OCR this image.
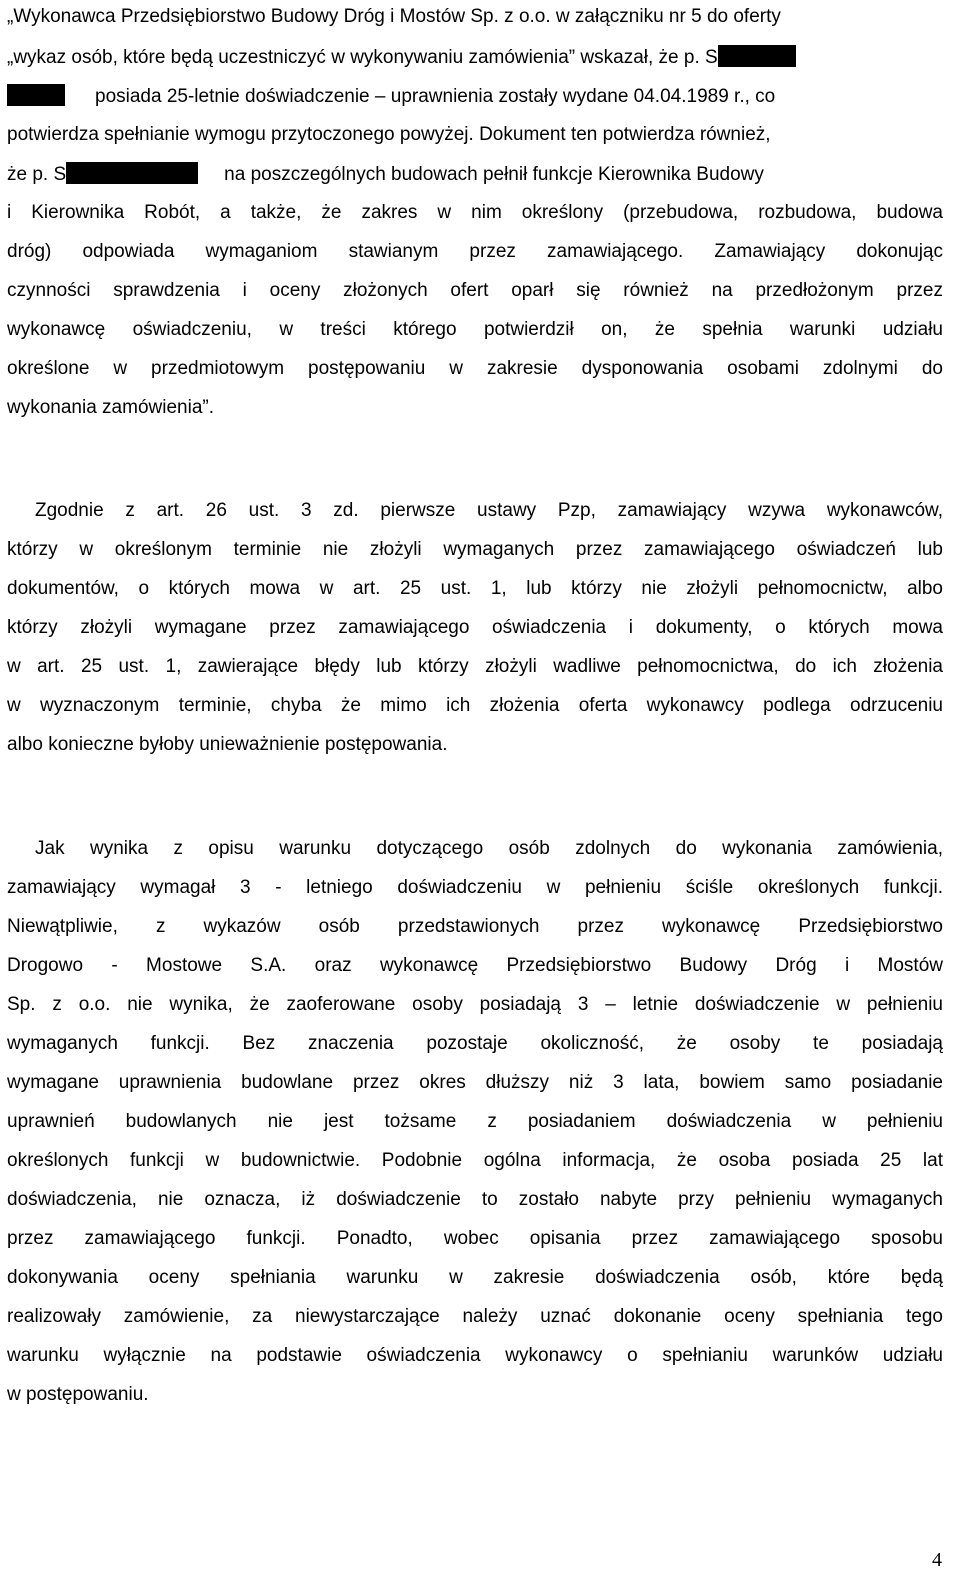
„Wykonawca Przedsiębiorstwo Budowy Dróg i Mostów Sp. z o.o. w załączniku nr 5 do oferty
„wykaz osób, które będą uczestniczyć w wykonywaniu zamówienia” wskazał, że p. S
posiada 25-letnie doświadczenie – uprawnienia zostały wydane 04.04.1989 r., co
potwierdza spełnianie wymogu przytoczonego powyżej. Dokument ten potwierdza również,
że p. S	na poszczególnych budowach pełnił funkcje Kierownika Budowy
i Kierownika Robót, a także, że zakres w nim określony (przebudowa, rozbudowa, budowa
dróg) odpowiada wymaganiom stawianym przez zamawiającego. Zamawiający dokonując
czynności sprawdzenia i oceny złożonych ofert oparł się również na przedłożonym przez
wykonawcę oświadczeniu, w treści którego potwierdził on, że spełnia warunki udziału
określone w przedmiotowym postępowaniu w zakresie dysponowania osobami zdolnymi do
wykonania zamówienia”.
Zgodnie z art. 26 ust. 3 zd. pierwsze ustawy Pzp, zamawiający wzywa wykonawców,
którzy w określonym terminie nie złożyli wymaganych przez zamawiającego oświadczeń lub
dokumentów, o których mowa w art. 25 ust. 1, lub którzy nie złożyli pełnomocnictw, albo
którzy złożyli wymagane przez zamawiającego oświadczenia i dokumenty, o których mowa
w art. 25 ust. 1, zawierające błędy lub którzy złożyli wadliwe pełnomocnictwa, do ich złożenia
w wyznaczonym terminie, chyba że mimo ich złożenia oferta wykonawcy podlega odrzuceniu
albo konieczne byłoby unieważnienie postępowania.
Jak wynika z opisu warunku dotyczącego osób zdolnych do wykonania zamówienia,
zamawiający wymagał 3 - letniego doświadczeniu w pełnieniu ściśle określonych funkcji.
Niewątpliwie, z wykazów osób przedstawionych przez wykonawcę Przedsiębiorstwo
Drogowo - Mostowe S.A. oraz wykonawcę Przedsiębiorstwo Budowy Dróg i Mostów
Sp. z o.o. nie wynika, że zaoferowane osoby posiadają 3 – letnie doświadczenie w pełnieniu
wymaganych funkcji. Bez znaczenia pozostaje okoliczność, że osoby te posiadają
wymagane uprawnienia budowlane przez okres dłuższy niż 3 lata, bowiem samo posiadanie
uprawnień budowlanych nie jest tożsame z posiadaniem doświadczenia w pełnieniu
określonych funkcji w budownictwie. Podobnie ogólna informacja, że osoba posiada 25 lat
doświadczenia, nie oznacza, iż doświadczenie to zostało nabyte przy pełnieniu wymaganych
przez zamawiającego funkcji. Ponadto, wobec opisania przez zamawiającego sposobu
dokonywania oceny spełniania warunku w zakresie doświadczenia osób, które będą
realizowały zamówienie, za niewystarczające należy uznać dokonanie oceny spełniania tego
warunku wyłącznie na podstawie oświadczenia wykonawcy o spełnianiu warunków udziału
w postępowaniu.
4
